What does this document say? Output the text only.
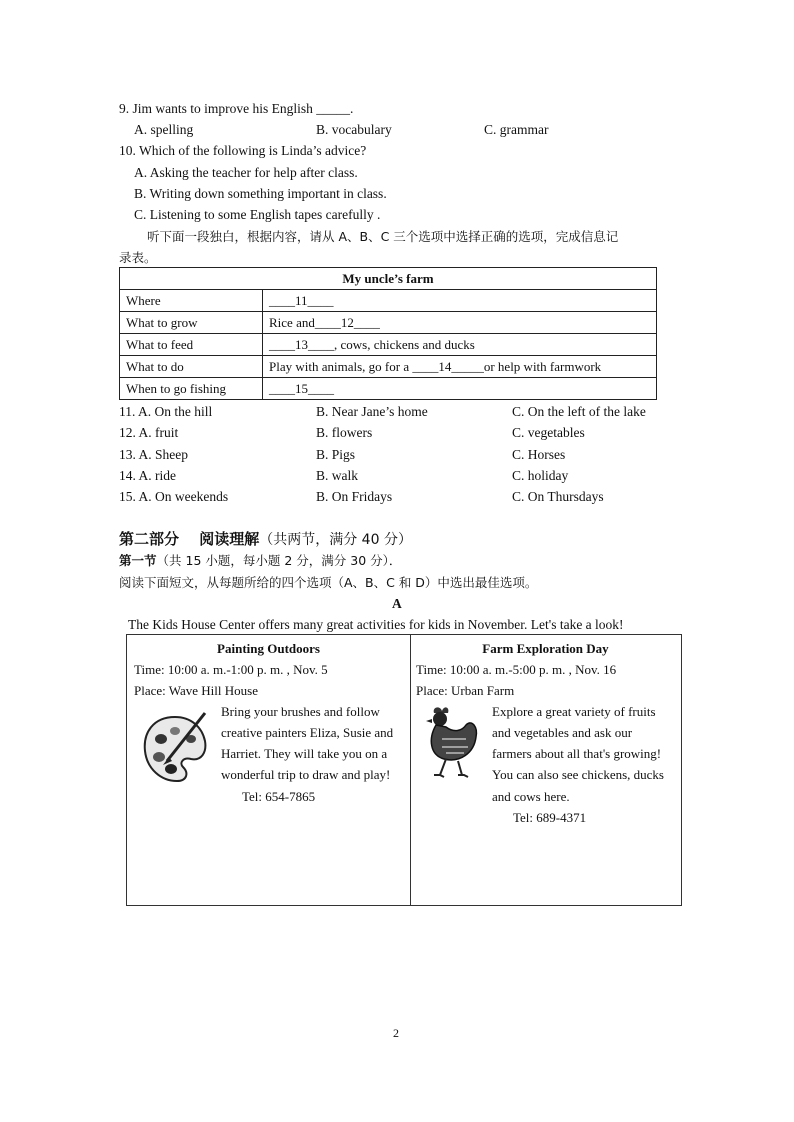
9. Jim wants to improve his English _____.
A. spelling	B. vocabulary	C. grammar
10. Which of the following is Linda’s advice?
A. Asking the teacher for help after class.
B. Writing down something important in class.
C. Listening to some English tapes carefully .
听下面一段独白，根据内容，请从 A、B、C 三个选项中选择正确的选项，完成信息记
录表。
My uncle’s farm	
Where	____11____
What to grow	Rice and____12____
What to feed	____13____, cows, chickens and ducks
What to do	Play with animals, go for a ____14_____or help with farmwork
When to go fishing	____15____
11. A. On the hill	B. Near Jane’s home	C. On the left of the lake
12. A. fruit	B. flowers	C. vegetables
13. A. Sheep	B. Pigs	C. Horses
14. A. ride	B. walk	C. holiday
15. A. On weekends	B. On Fridays	C. On Thursdays
第二部分　 阅读理解（共两节，满分 40 分）
第一节（共 15 小题，每小题 2 分，满分 30 分）．
阅读下面短文，从每题所给的四个选项（A、B、C 和 D）中选出最佳选项。
A
The Kids House Center offers many great activities for kids in November. Let's take a look!
Painting Outdoors
Time: 10:00 a. m.-1:00 p. m. , Nov. 5
Place: Wave Hill House
Bring your brushes and follow
creative painters Eliza, Susie and
Harriet. They will take you on a
wonderful trip to draw and play!
Tel: 654-7865
Farm Exploration Day
Time: 10:00 a. m.-5:00 p. m. , Nov. 16
Place: Urban Farm
Explore a great variety of fruits
and vegetables and ask our
farmers about all that's growing!
You can also see chickens, ducks
and cows here.
Tel: 689-4371
2
